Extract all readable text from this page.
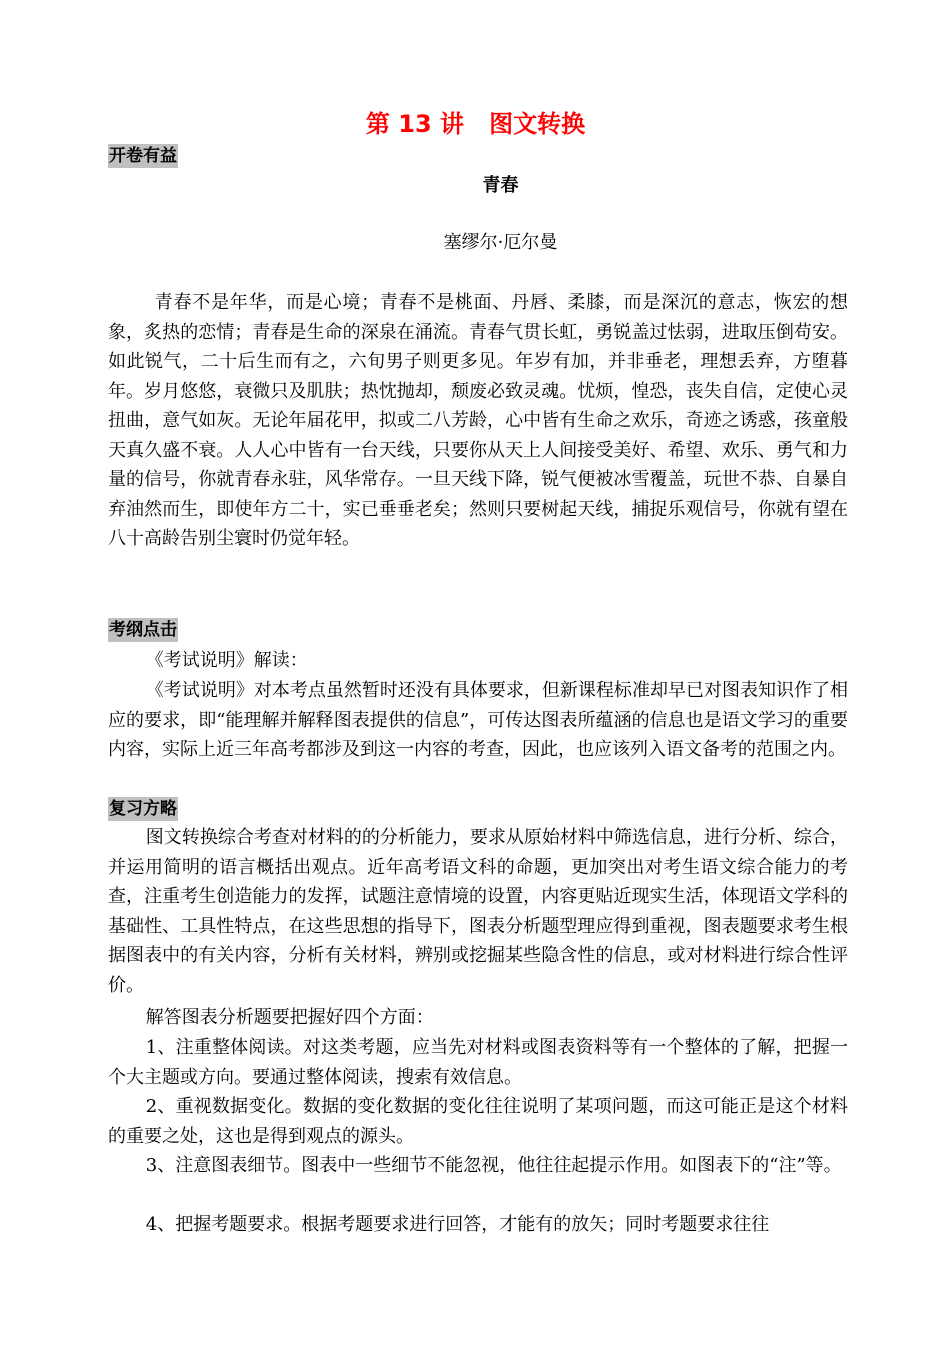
第 13 讲   图文转换
开卷有益
青春
塞缪尔·厄尔曼

青春不是年华，而是心境；青春不是桃面、丹唇、柔膝，而是深沉的意志，恢宏的想象，炙热的恋情；青春是生命的深泉在涌流。青春气贯长虹，勇锐盖过怯弱，进取压倒苟安。如此锐气，二十后生而有之，六旬男子则更多见。年岁有加，并非垂老，理想丢弃，方堕暮年。岁月悠悠，衰微只及肌肤；热忱抛却，颓废必致灵魂。忧烦，惶恐，丧失自信，定使心灵扭曲，意气如灰。无论年届花甲，拟或二八芳龄，心中皆有生命之欢乐，奇迹之诱惑，孩童般天真久盛不衰。人人心中皆有一台天线，只要你从天上人间接受美好、希望、欢乐、勇气和力量的信号，你就青春永驻，风华常存。一旦天线下降，锐气便被冰雪覆盖，玩世不恭、自暴自弃油然而生，即使年方二十，实已垂垂老矣；然则只要树起天线，捕捉乐观信号，你就有望在八十高龄告别尘寰时仍觉年轻。

考纲点击

《考试说明》解读：

《考试说明》对本考点虽然暂时还没有具体要求，但新课程标准却早已对图表知识作了相应的要求，即“能理解并解释图表提供的信息”，可传达图表所蕴涵的信息也是语文学习的重要内容，实际上近三年高考都涉及到这一内容的考查，因此，也应该列入语文备考的范围之内。

复习方略

图文转换综合考查对材料的的分析能力，要求从原始材料中筛选信息，进行分析、综合，并运用简明的语言概括出观点。近年高考语文科的命题，更加突出对考生语文综合能力的考查，注重考生创造能力的发挥，试题注意情境的设置，内容更贴近现实生活，体现语文学科的基础性、工具性特点，在这些思想的指导下，图表分析题型理应得到重视，图表题要求考生根据图表中的有关内容，分析有关材料，辨别或挖掘某些隐含性的信息，或对材料进行综合性评价。

解答图表分析题要把握好四个方面：

1、注重整体阅读。对这类考题，应当先对材料或图表资料等有一个整体的了解，把握一个大主题或方向。要通过整体阅读，搜索有效信息。

2、重视数据变化。数据的变化数据的变化往往说明了某项问题，而这可能正是这个材料的重要之处，这也是得到观点的源头。

3、注意图表细节。图表中一些细节不能忽视，他往往起提示作用。如图表下的“注”等。

4、把握考题要求。根据考题要求进行回答，才能有的放矢；同时考题要求往往
